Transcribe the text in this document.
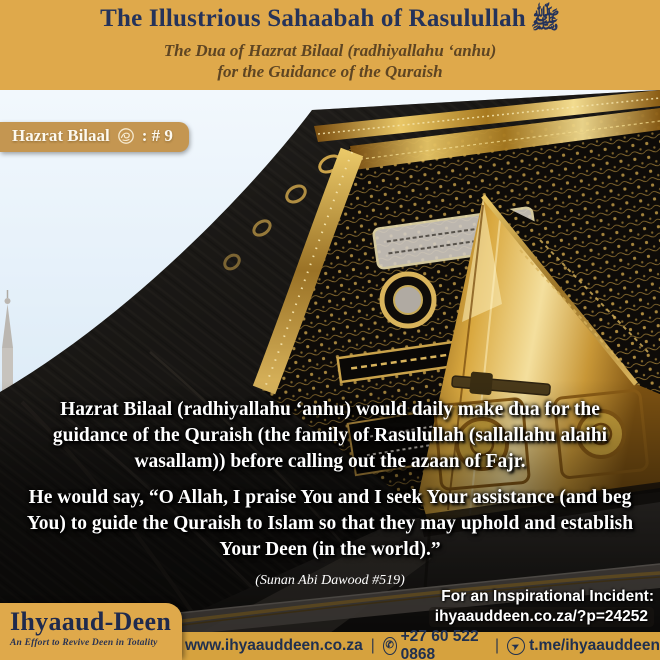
The Illustrious Sahaabah of Rasulullah ﷺ
The Dua of Hazrat Bilaal (radhiyallahu ‘anhu)
for the Guidance of the Quraish
Hazrat Bilaal : # 9

Hazrat Bilaal (radhiyallahu ‘anhu) would daily make dua for the guidance of the Quraish (the family of Rasulullah (sallallahu alaihi wasallam)) before calling out the azaan of Fajr.

He would say, “O Allah, I praise You and I seek Your assistance (and beg You) to guide the Quraish to Islam so that they may uphold and establish Your Deen (in the world).”

(Sunan Abi Dawood #519)
For an Inspirational Incident:
ihyaauddeen.co.za/?p=24252
Ihyaaud-Deen
An Effort to Revive Deen in Totality	www.ihyaauddeen.co.za | ✆
+27 60 522 0868
| ➤ t.me/ihyaauddeen
